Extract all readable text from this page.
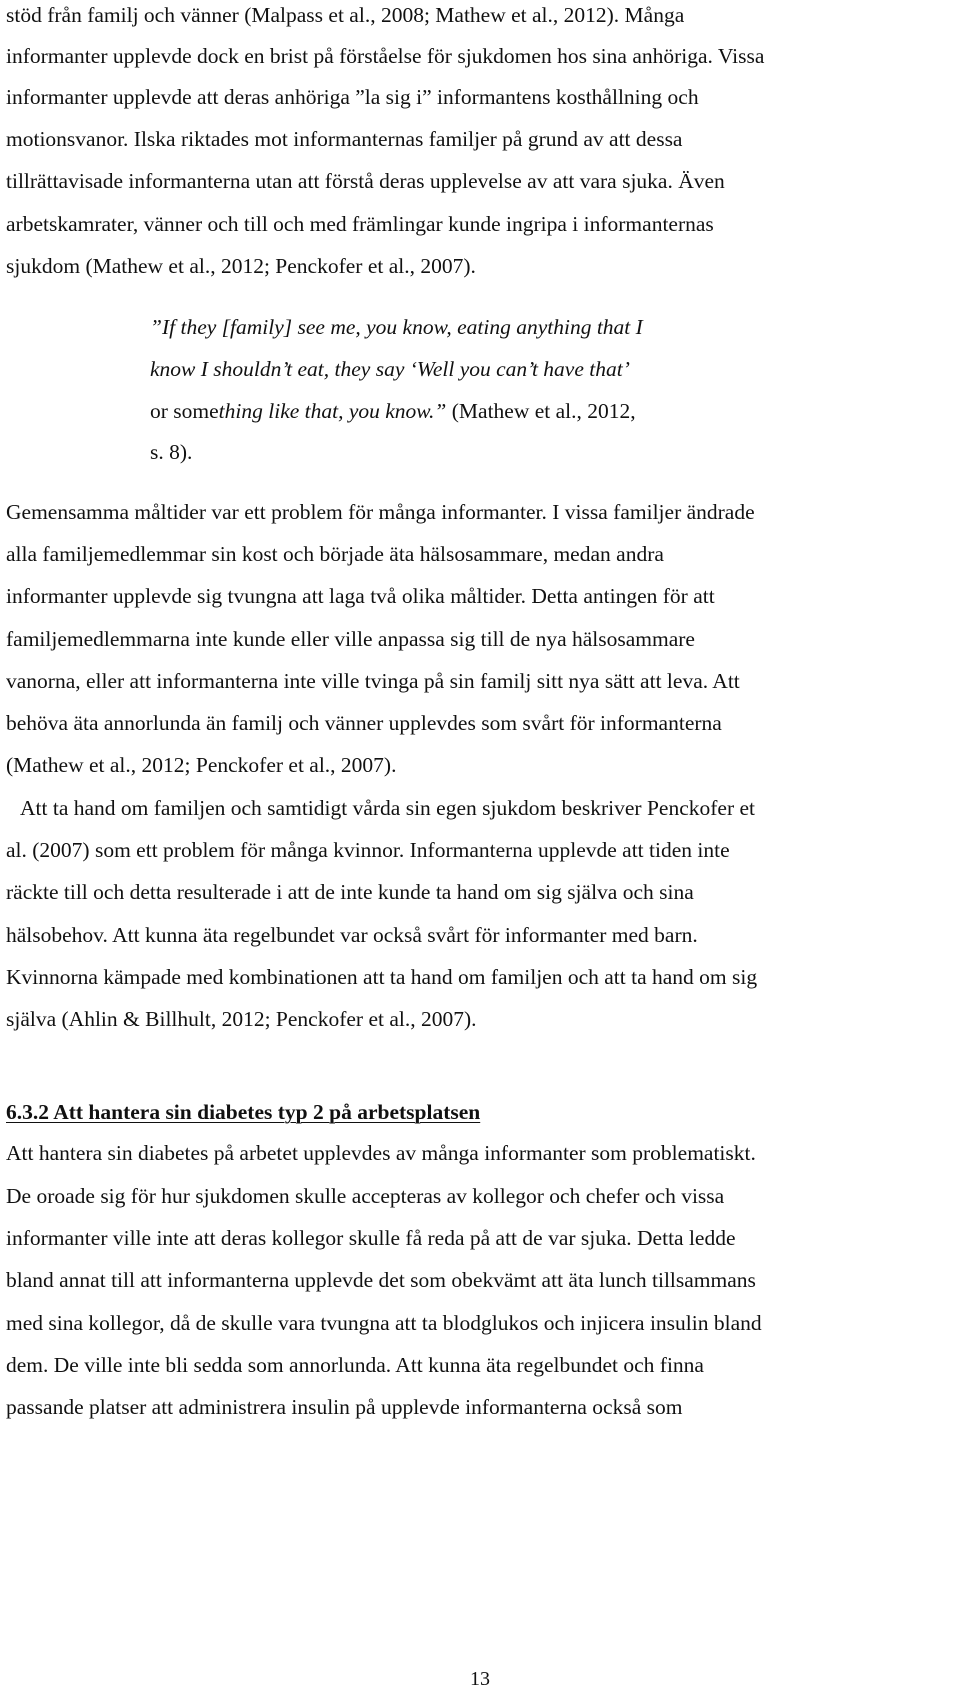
stöd från familj och vänner (Malpass et al., 2008; Mathew et al., 2012). Många
informanter upplevde dock en brist på förståelse för sjukdomen hos sina anhöriga. Vissa
informanter upplevde att deras anhöriga ”la sig i” informantens kosthållning och
motionsvanor. Ilska riktades mot informanternas familjer på grund av att dessa
tillrättavisade informanterna utan att förstå deras upplevelse av att vara sjuka. Även
arbetskamrater, vänner och till och med främlingar kunde ingripa i informanternas
sjukdom (Mathew et al., 2012; Penckofer et al., 2007).
”If they [family] see me, you know, eating anything that I
know I shouldn’t eat, they say ‘Well you can’t have that’
or something like that, you know.” (Mathew et al., 2012,
s. 8).
Gemensamma måltider var ett problem för många informanter. I vissa familjer ändrade
alla familjemedlemmar sin kost och började äta hälsosammare, medan andra
informanter upplevde sig tvungna att laga två olika måltider. Detta antingen för att
familjemedlemmarna inte kunde eller ville anpassa sig till de nya hälsosammare
vanorna, eller att informanterna inte ville tvinga på sin familj sitt nya sätt att leva. Att
behöva äta annorlunda än familj och vänner upplevdes som svårt för informanterna
(Mathew et al., 2012; Penckofer et al., 2007).
Att ta hand om familjen och samtidigt vårda sin egen sjukdom beskriver Penckofer et
al. (2007) som ett problem för många kvinnor. Informanterna upplevde att tiden inte
räckte till och detta resulterade i att de inte kunde ta hand om sig själva och sina
hälsobehov. Att kunna äta regelbundet var också svårt för informanter med barn.
Kvinnorna kämpade med kombinationen att ta hand om familjen och att ta hand om sig
själva (Ahlin & Billhult, 2012; Penckofer et al., 2007).
6.3.2 Att hantera sin diabetes typ 2 på arbetsplatsen
Att hantera sin diabetes på arbetet upplevdes av många informanter som problematiskt.
De oroade sig för hur sjukdomen skulle accepteras av kollegor och chefer och vissa
informanter ville inte att deras kollegor skulle få reda på att de var sjuka. Detta ledde
bland annat till att informanterna upplevde det som obekvämt att äta lunch tillsammans
med sina kollegor, då de skulle vara tvungna att ta blodglukos och injicera insulin bland
dem. De ville inte bli sedda som annorlunda. Att kunna äta regelbundet och finna
passande platser att administrera insulin på upplevde informanterna också som
13
